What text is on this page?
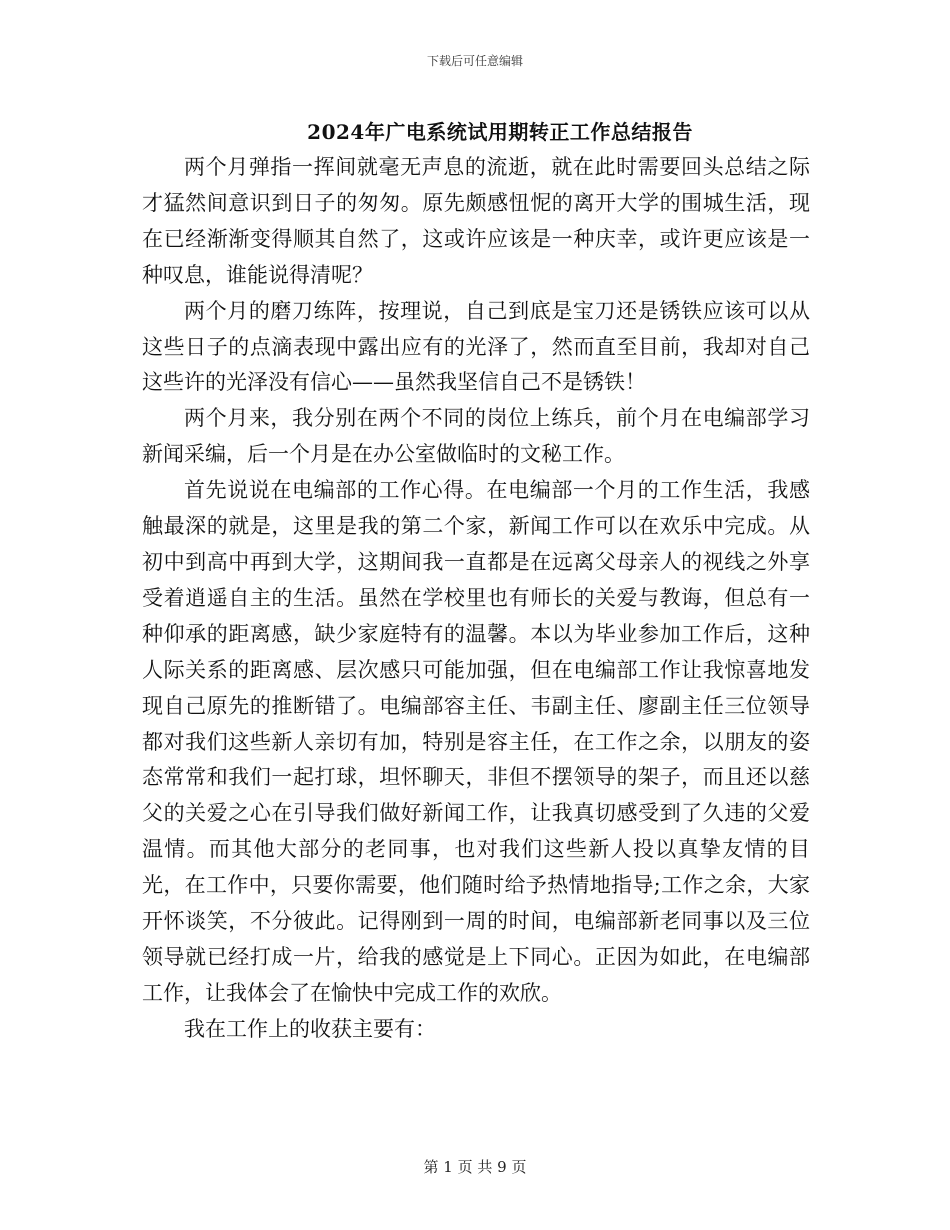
下载后可任意编辑
2024年广电系统试用期转正工作总结报告

两个月弹指一挥间就毫无声息的流逝，就在此时需要回头总结之际才猛然间意识到日子的匆匆。原先颇感忸怩的离开大学的围城生活，现在已经渐渐变得顺其自然了，这或许应该是一种庆幸，或许更应该是一种叹息，谁能说得清呢？

两个月的磨刀练阵，按理说，自己到底是宝刀还是锈铁应该可以从这些日子的点滴表现中露出应有的光泽了，然而直至目前，我却对自己这些许的光泽没有信心——虽然我坚信自己不是锈铁！

两个月来，我分别在两个不同的岗位上练兵，前个月在电编部学习新闻采编，后一个月是在办公室做临时的文秘工作。

首先说说在电编部的工作心得。在电编部一个月的工作生活，我感触最深的就是，这里是我的第二个家，新闻工作可以在欢乐中完成。从初中到高中再到大学，这期间我一直都是在远离父母亲人的视线之外享受着逍遥自主的生活。虽然在学校里也有师长的关爱与教诲，但总有一种仰承的距离感，缺少家庭特有的温馨。本以为毕业参加工作后，这种人际关系的距离感、层次感只可能加强，但在电编部工作让我惊喜地发现自己原先的推断错了。电编部容主任、韦副主任、廖副主任三位领导都对我们这些新人亲切有加，特别是容主任，在工作之余，以朋友的姿态常常和我们一起打球，坦怀聊天，非但不摆领导的架子，而且还以慈父的关爱之心在引导我们做好新闻工作，让我真切感受到了久违的父爱温情。而其他大部分的老同事，也对我们这些新人投以真挚友情的目光，在工作中，只要你需要，他们随时给予热情地指导;工作之余，大家开怀谈笑，不分彼此。记得刚到一周的时间，电编部新老同事以及三位领导就已经打成一片，给我的感觉是上下同心。正因为如此，在电编部工作，让我体会了在愉快中完成工作的欢欣。

我在工作上的收获主要有：

第 1 页 共 9 页
